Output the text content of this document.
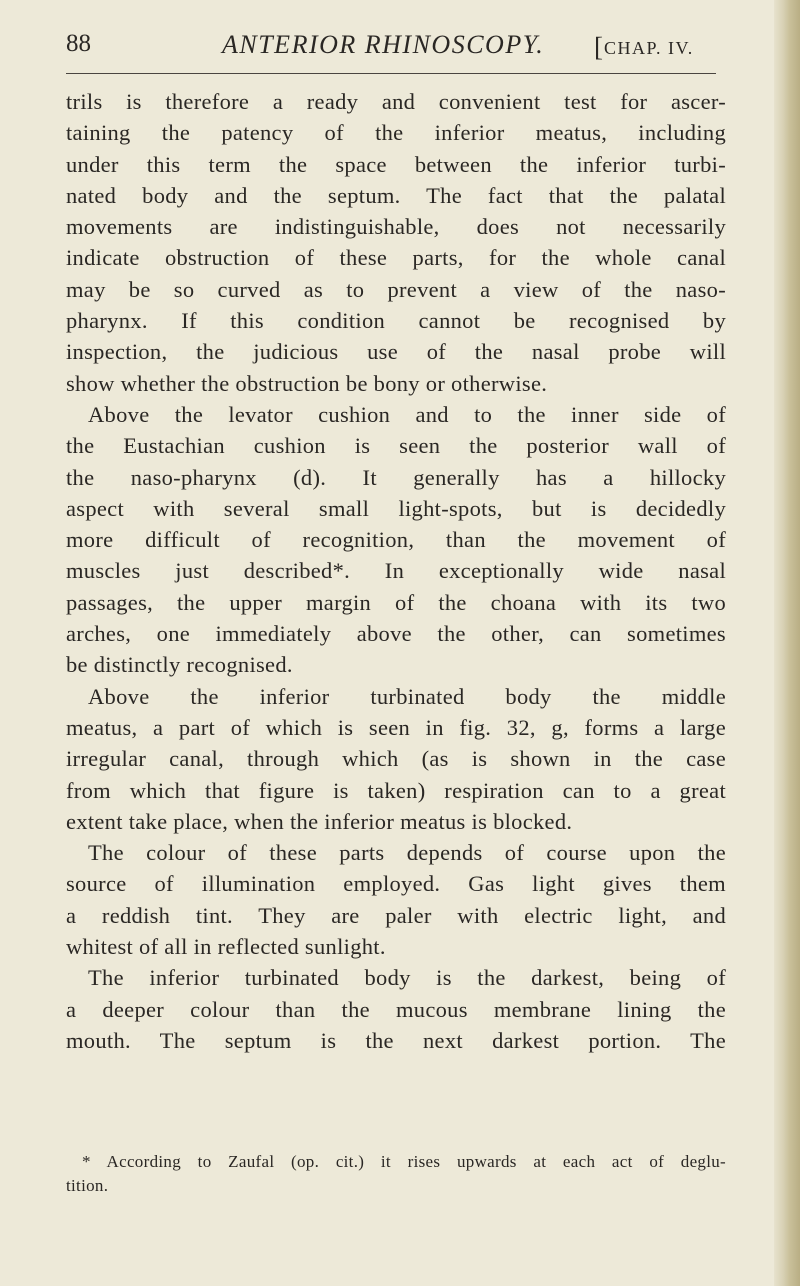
88	ANTERIOR RHINOSCOPY. [CHAP. IV.
trils is therefore a ready and convenient test for ascer-
taining the patency of the inferior meatus, including
under this term the space between the inferior turbi-
nated body and the septum. The fact that the palatal
movements are indistinguishable, does not necessarily
indicate obstruction of these parts, for the whole canal
may be so curved as to prevent a view of the naso-
pharynx. If this condition cannot be recognised by
inspection, the judicious use of the nasal probe will
show whether the obstruction be bony or otherwise.
Above the levator cushion and to the inner side of
the Eustachian cushion is seen the posterior wall of
the naso-pharynx (d). It generally has a hillocky
aspect with several small light-spots, but is decidedly
more difficult of recognition, than the movement of
muscles just described*. In exceptionally wide nasal
passages, the upper margin of the choana with its two
arches, one immediately above the other, can sometimes
be distinctly recognised.
Above the inferior turbinated body the middle
meatus, a part of which is seen in fig. 32, g, forms a large
irregular canal, through which (as is shown in the case
from which that figure is taken) respiration can to a great
extent take place, when the inferior meatus is blocked.
The colour of these parts depends of course upon the
source of illumination employed. Gas light gives them
a reddish tint. They are paler with electric light, and
whitest of all in reflected sunlight.
The inferior turbinated body is the darkest, being of
a deeper colour than the mucous membrane lining the
mouth. The septum is the next darkest portion. The
* According to Zaufal (op. cit.) it rises upwards at each act of deglu-
tition.
